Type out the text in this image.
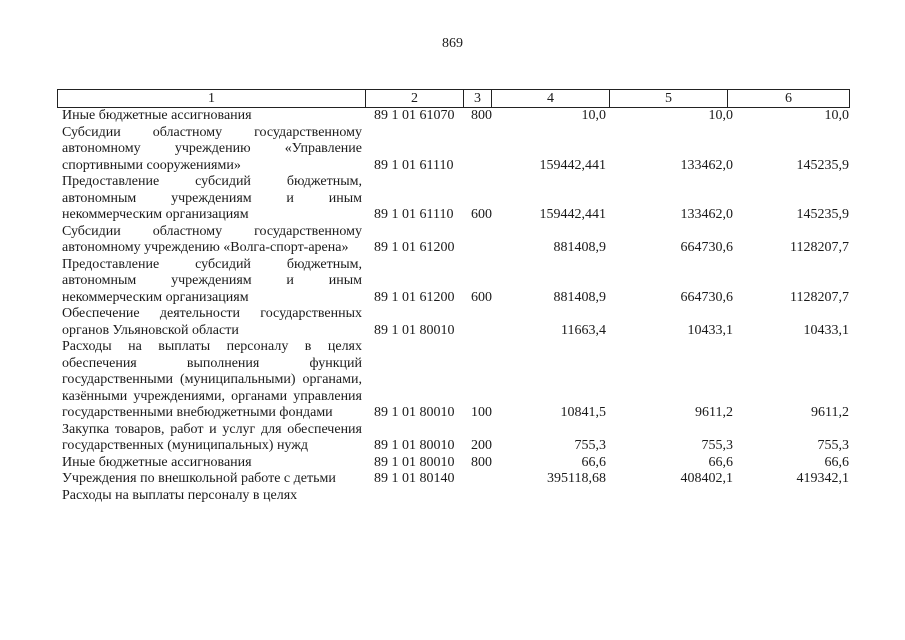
869
1	2	3	4	5	6
Иные бюджетные ассигнования	89 1 01 61070 800	10,0	10,0	10,0
Субсидии областному государственному автономному учреждению «Управление спортивными сооружениями»	89 1 01 61110	159442,441	133462,0	145235,9
Предоставление субсидий бюджетным, автономным учреждениям и иным некоммерческим организациям	89 1 01 61110 600	159442,441	133462,0	145235,9
Субсидии областному государственному автономному учреждению «Волга-спорт-арена»	89 1 01 61200	881408,9	664730,6	1128207,7
Предоставление субсидий бюджетным, автономным учреждениям и иным некоммерческим организациям	89 1 01 61200 600	881408,9	664730,6	1128207,7
Обеспечение деятельности государственных органов Ульяновской области	89 1 01 80010	11663,4	10433,1	10433,1
Расходы на выплаты персоналу в целях обеспечения выполнения функций государственными (муниципальными) органами, казёнными учреждениями, органами управления государственными внебюджетными фондами	89 1 01 80010 100	10841,5	9611,2	9611,2
Закупка товаров, работ и услуг для обеспечения государственных (муниципальных) нужд	89 1 01 80010 200	755,3	755,3	755,3
Иные бюджетные ассигнования	89 1 01 80010 800	66,6	66,6	66,6
Учреждения по внешкольной работе с детьми	89 1 01 80140	395118,68	408402,1	419342,1
Расходы на выплаты персоналу в целях
